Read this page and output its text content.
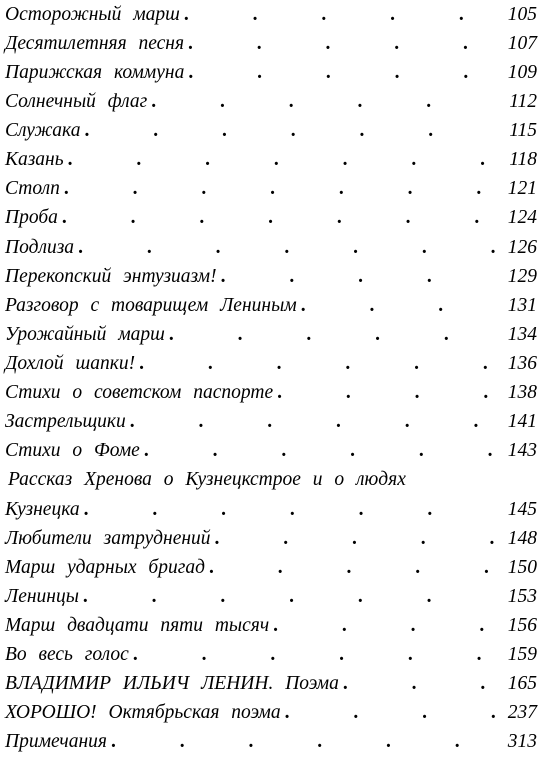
Осторожный марш . . .	105
Десятилетняя песня . . .	107
Парижская коммуна . . .	109
Солнечный флаг . . .	112
Служака . . .	115
Казань . . .	118
Столп . . .	121
Проба . . .	124
Подлиза . . .	126
Перекопский энтузиазм! . . .	129
Разговор с товарищем Лениным . . .	131
Урожайный марш . . .	134
Дохлой шапки! . . .	136
Стихи о советском паспорте . . .	138
Застрельщики . . .	141
Стихи о Фоме . . .	143
Рассказ Хренова о Кузнецкстрое и о людях
Кузнецка . . .	145
Любители затруднений . . .	148
Марш ударных бригад . . .	150
Ленинцы . . .	153
Марш двадцати пяти тысяч . . .	156
Во весь голос . . .	159
ВЛАДИМИР ИЛЬИЧ ЛЕНИН. Поэма . . .	165
ХОРОШО! Октябрьская поэма . . .	237
Примечания . . .	313
